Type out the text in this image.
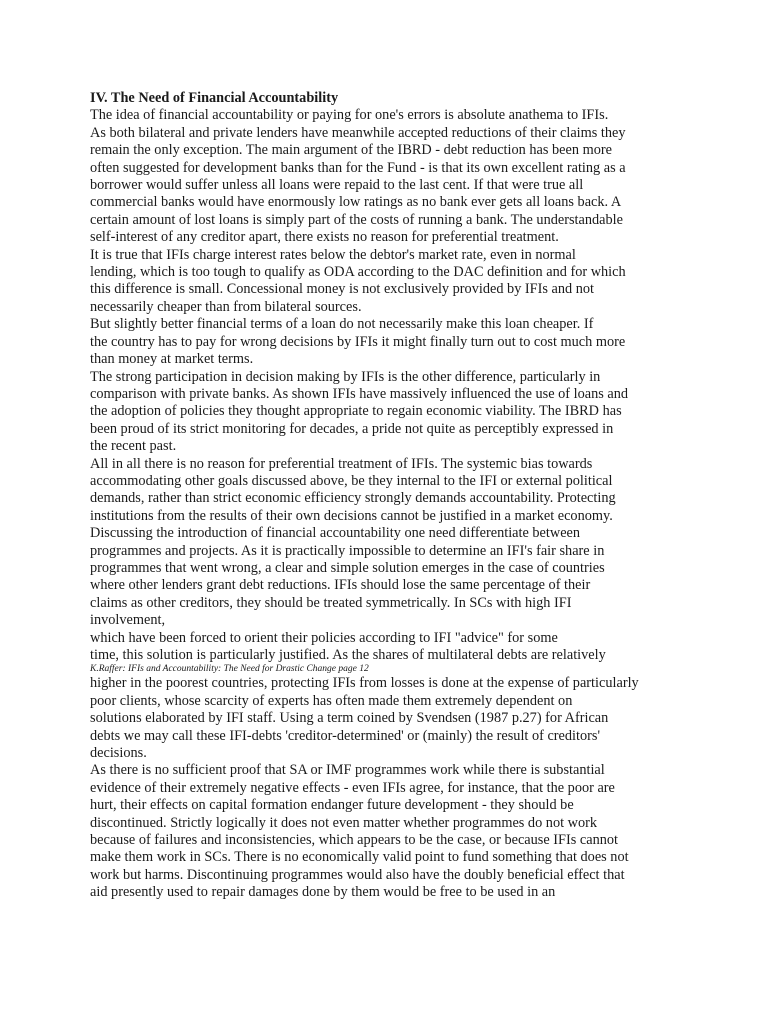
IV. The Need of Financial Accountability
The idea of financial accountability or paying for one's errors is absolute anathema to IFIs.
As both bilateral and private lenders have meanwhile accepted reductions of their claims they
remain the only exception. The main argument of the IBRD - debt reduction has been more
often suggested for development banks than for the Fund - is that its own excellent rating as a
borrower would suffer unless all loans were repaid to the last cent. If that were true all
commercial banks would have enormously low ratings as no bank ever gets all loans back. A
certain amount of lost loans is simply part of the costs of running a bank. The understandable
self-interest of any creditor apart, there exists no reason for preferential treatment.
It is true that IFIs charge interest rates below the debtor's market rate, even in normal
lending, which is too tough to qualify as ODA according to the DAC definition and for which
this difference is small. Concessional money is not exclusively provided by IFIs and not
necessarily cheaper than from bilateral sources.
But slightly better financial terms of a loan do not necessarily make this loan cheaper. If
the country has to pay for wrong decisions by IFIs it might finally turn out to cost much more
than money at market terms.
The strong participation in decision making by IFIs is the other difference, particularly in
comparison with private banks. As shown IFIs have massively influenced the use of loans and
the adoption of policies they thought appropriate to regain economic viability. The IBRD has
been proud of its strict monitoring for decades, a pride not quite as perceptibly expressed in
the recent past.
All in all there is no reason for preferential treatment of IFIs. The systemic bias towards
accommodating other goals discussed above, be they internal to the IFI or external political
demands, rather than strict economic efficiency strongly demands accountability. Protecting
institutions from the results of their own decisions cannot be justified in a market economy.
Discussing the introduction of financial accountability one need differentiate between
programmes and projects. As it is practically impossible to determine an IFI's fair share in
programmes that went wrong, a clear and simple solution emerges in the case of countries
where other lenders grant debt reductions. IFIs should lose the same percentage of their
claims as other creditors, they should be treated symmetrically. In SCs with high IFI
involvement,
which have been forced to orient their policies according to IFI "advice" for some
time, this solution is particularly justified. As the shares of multilateral debts are relatively
K.Raffer: IFIs and Accountability: The Need for Drastic Change page 12
higher in the poorest countries, protecting IFIs from losses is done at the expense of particularly
poor clients, whose scarcity of experts has often made them extremely dependent on
solutions elaborated by IFI staff. Using a term coined by Svendsen (1987 p.27) for African
debts we may call these IFI-debts 'creditor-determined' or (mainly) the result of creditors'
decisions.
As there is no sufficient proof that SA or IMF programmes work while there is substantial
evidence of their extremely negative effects - even IFIs agree, for instance, that the poor are
hurt, their effects on capital formation endanger future development - they should be
discontinued. Strictly logically it does not even matter whether programmes do not work
because of failures and inconsistencies, which appears to be the case, or because IFIs cannot
make them work in SCs. There is no economically valid point to fund something that does not
work but harms. Discontinuing programmes would also have the doubly beneficial effect that
aid presently used to repair damages done by them would be free to be used in an
